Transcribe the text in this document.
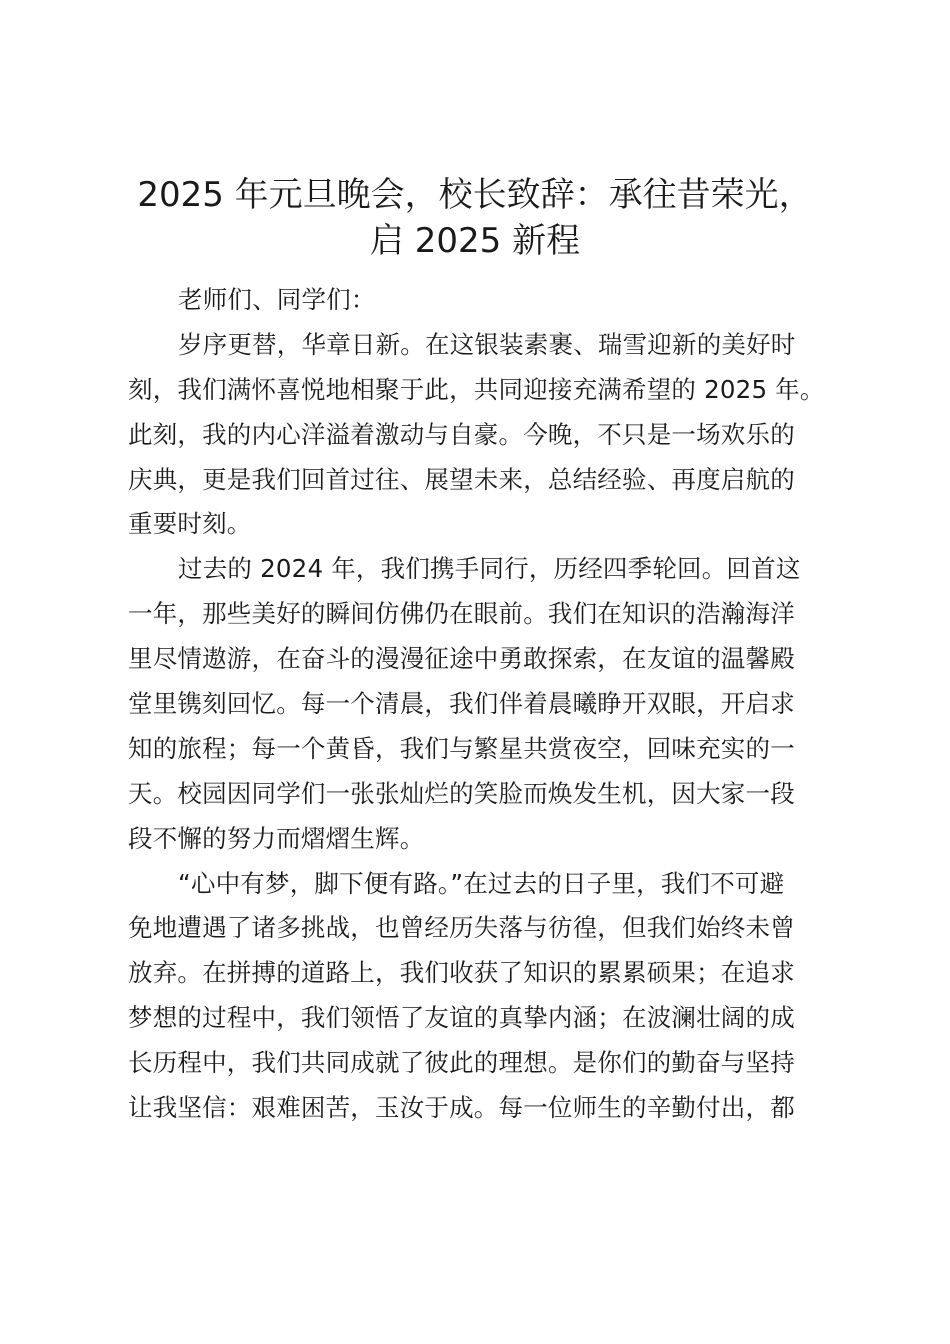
2025 年元旦晚会，校长致辞：承往昔荣光，
启 2025 新程
老师们、同学们：
岁序更替，华章日新。在这银装素裹、瑞雪迎新的美好时
刻，我们满怀喜悦地相聚于此，共同迎接充满希望的 2025 年。
此刻，我的内心洋溢着激动与自豪。今晚，不只是一场欢乐的
庆典，更是我们回首过往、展望未来，总结经验、再度启航的
重要时刻。
过去的 2024 年，我们携手同行，历经四季轮回。回首这
一年，那些美好的瞬间仿佛仍在眼前。我们在知识的浩瀚海洋
里尽情遨游，在奋斗的漫漫征途中勇敢探索，在友谊的温馨殿
堂里镌刻回忆。每一个清晨，我们伴着晨曦睁开双眼，开启求
知的旅程；每一个黄昏，我们与繁星共赏夜空，回味充实的一
天。校园因同学们一张张灿烂的笑脸而焕发生机，因大家一段
段不懈的努力而熠熠生辉。
“心中有梦，脚下便有路。”在过去的日子里，我们不可避
免地遭遇了诸多挑战，也曾经历失落与彷徨，但我们始终未曾
放弃。在拼搏的道路上，我们收获了知识的累累硕果；在追求
梦想的过程中，我们领悟了友谊的真挚内涵；在波澜壮阔的成
长历程中，我们共同成就了彼此的理想。是你们的勤奋与坚持
让我坚信：艰难困苦，玉汝于成。每一位师生的辛勤付出，都
